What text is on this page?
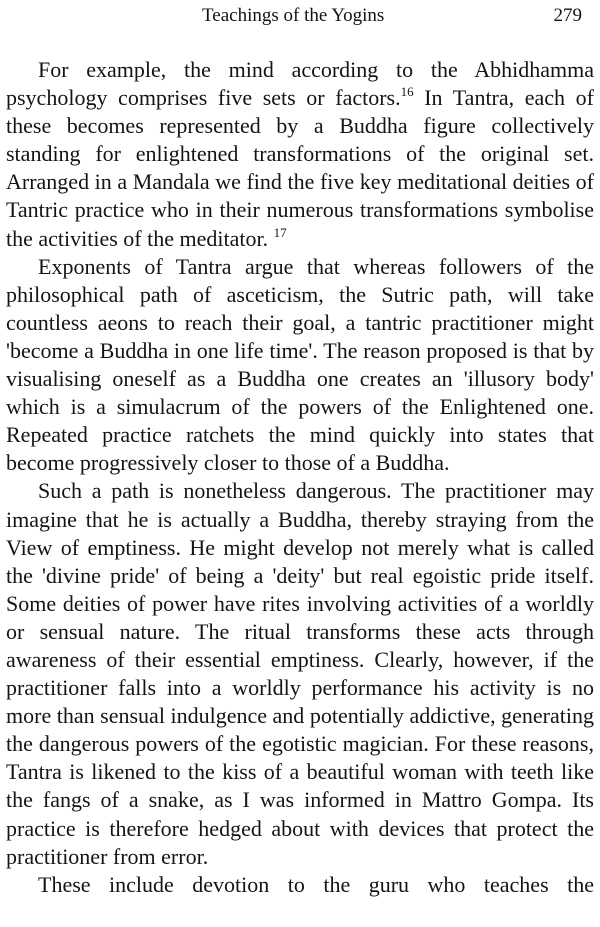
Teachings of the Yogins	279

For example, the mind according to the Abhidhamma psychology comprises five sets or factors.$^{16}$ In Tantra, each of these becomes represented by a Buddha figure collectively standing for enlightened transformations of the original set. Arranged in a Mandala we find the five key meditational deities of Tantric practice who in their numerous transformations symbolise the activities of the meditator. $^{17}$

Exponents of Tantra argue that whereas followers of the philosophical path of asceticism, the Sutric path, will take countless aeons to reach their goal, a tantric practitioner might 'become a Buddha in one life time'. The reason proposed is that by visualising oneself as a Buddha one creates an 'illusory body' which is a simulacrum of the powers of the Enlightened one. Repeated practice ratchets the mind quickly into states that become progressively closer to those of a Buddha.

Such a path is nonetheless dangerous. The practitioner may imagine that he is actually a Buddha, thereby straying from the View of emptiness. He might develop not merely what is called the 'divine pride' of being a 'deity' but real egoistic pride itself. Some deities of power have rites involving activities of a worldly or sensual nature. The ritual transforms these acts through awareness of their essential emptiness. Clearly, however, if the practitioner falls into a worldly performance his activity is no more than sensual indulgence and potentially addictive, generating the dangerous powers of the egotistic magician. For these reasons, Tantra is likened to the kiss of a beautiful woman with teeth like the fangs of a snake, as I was informed in Mattro Gompa. Its practice is therefore hedged about with devices that protect the practitioner from error.

These include devotion to the guru who teaches the
